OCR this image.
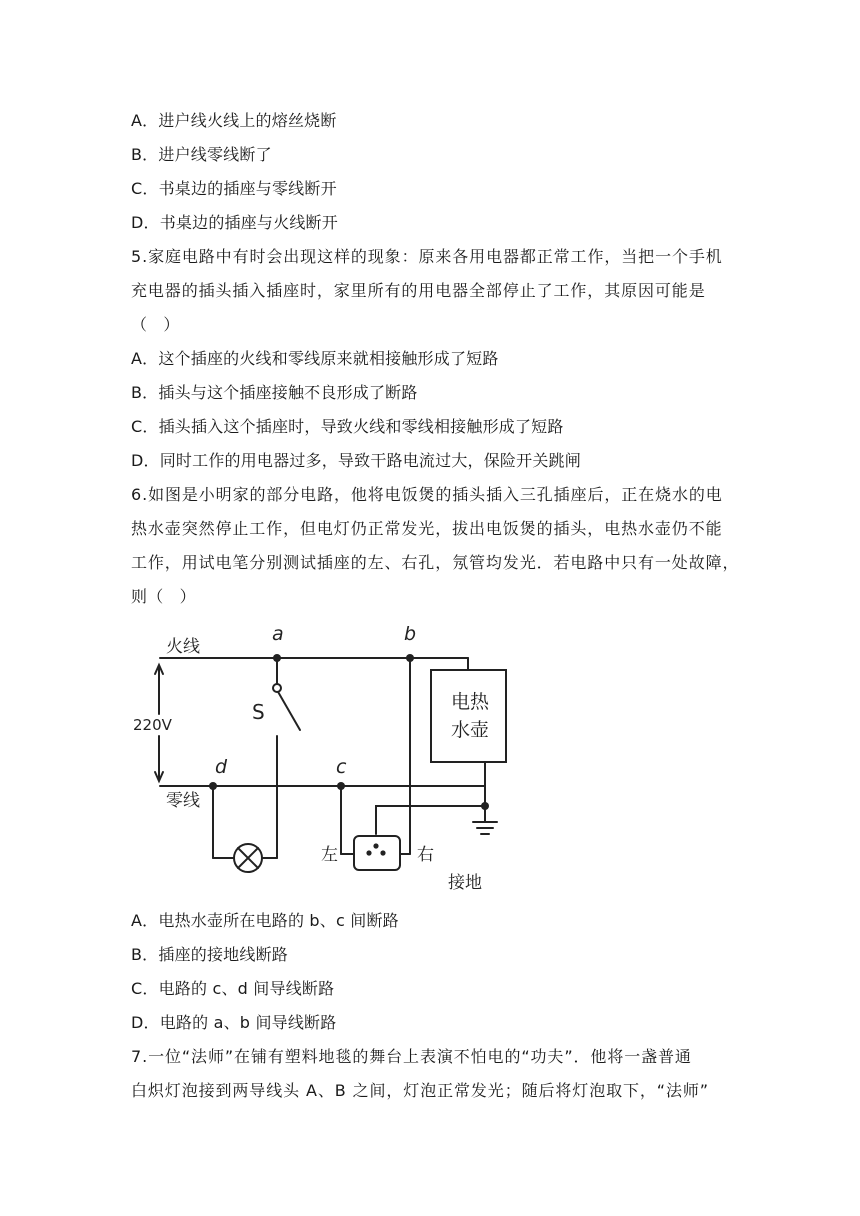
A．进户线火线上的熔丝烧断
B．进户线零线断了
C．书桌边的插座与零线断开
D．书桌边的插座与火线断开
5.家庭电路中有时会出现这样的现象：原来各用电器都正常工作，当把一个手机
充电器的插头插入插座时，家里所有的用电器全部停止了工作，其原因可能是
（　）
A．这个插座的火线和零线原来就相接触形成了短路
B．插头与这个插座接触不良形成了断路
C．插头插入这个插座时，导致火线和零线相接触形成了短路
D．同时工作的用电器过多，导致干路电流过大，保险开关跳闸
6.如图是小明家的部分电路，他将电饭煲的插头插入三孔插座后，正在烧水的电
热水壶突然停止工作，但电灯仍正常发光，拔出电饭煲的插头，电热水壶仍不能
工作，用试电笔分别测试插座的左、右孔，氖管均发光．若电路中只有一处故障，
则（　）
火线
零线
220V
S
a	b
c
d
电热
水壶
左	右
接地
A．电热水壶所在电路的 b、c 间断路
B．插座的接地线断路
C．电路的 c、d 间导线断路
D．电路的 a、b 间导线断路
7.一位“法师”在铺有塑料地毯的舞台上表演不怕电的“功夫”．他将一盏普通
白炽灯泡接到两导线头 A、B 之间，灯泡正常发光；随后将灯泡取下，“法师”
